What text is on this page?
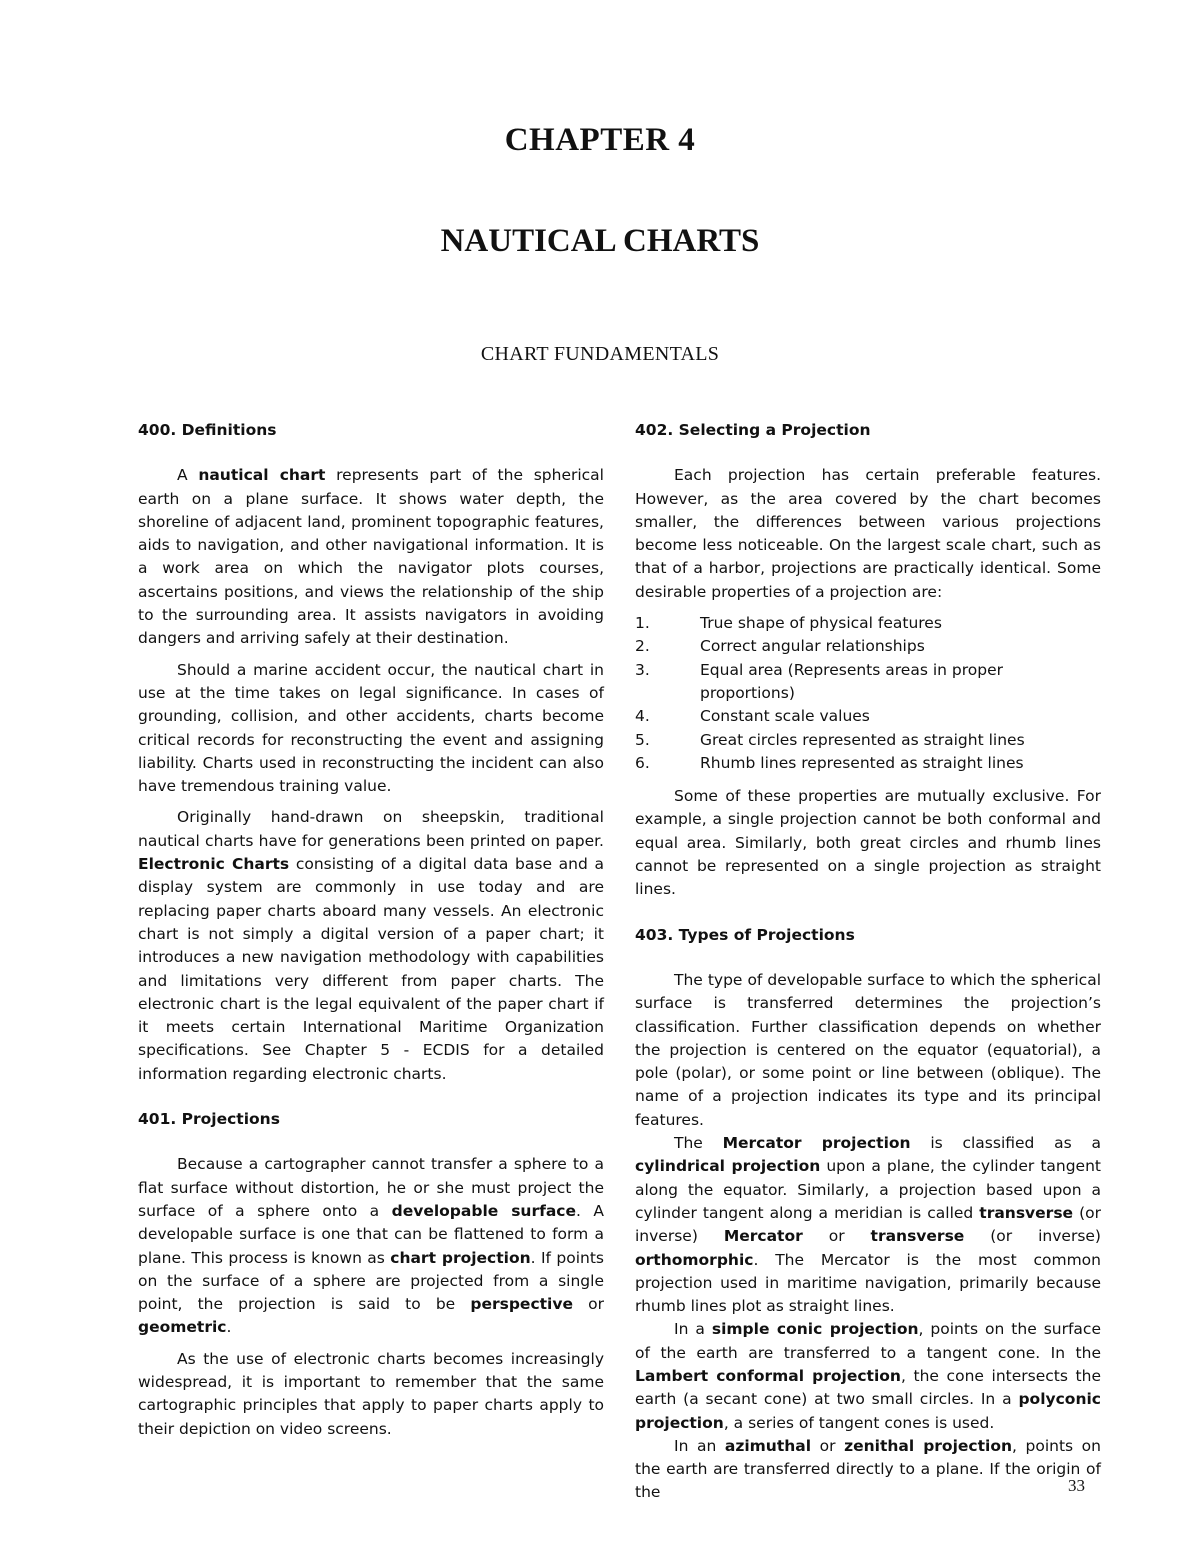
CHAPTER 4
NAUTICAL CHARTS
CHART FUNDAMENTALS
400. Definitions

A nautical chart represents part of the spherical earth on a plane surface. It shows water depth, the shoreline of adjacent land, prominent topographic features, aids to navigation, and other navigational information. It is a work area on which the navigator plots courses, ascertains positions, and views the relationship of the ship to the surrounding area. It assists navigators in avoiding dangers and arriving safely at their destination.

Should a marine accident occur, the nautical chart in use at the time takes on legal significance. In cases of grounding, collision, and other accidents, charts become critical records for reconstructing the event and assigning liability. Charts used in reconstructing the incident can also have tremendous training value.

Originally hand-drawn on sheepskin, traditional nautical charts have for generations been printed on paper. Electronic Charts consisting of a digital data base and a display system are commonly in use today and are replacing paper charts aboard many vessels. An electronic chart is not simply a digital version of a paper chart; it introduces a new navigation methodology with capabilities and limitations very different from paper charts. The electronic chart is the legal equivalent of the paper chart if it meets certain International Maritime Organization specifications. See Chapter 5 - ECDIS for a detailed information regarding electronic charts.

401. Projections

Because a cartographer cannot transfer a sphere to a flat surface without distortion, he or she must project the surface of a sphere onto a developable surface. A developable surface is one that can be flattened to form a plane. This process is known as chart projection. If points on the surface of a sphere are projected from a single point, the projection is said to be perspective or geometric.

As the use of electronic charts becomes increasingly widespread, it is important to remember that the same cartographic principles that apply to paper charts apply to their depiction on video screens.

402. Selecting a Projection

Each projection has certain preferable features. However, as the area covered by the chart becomes smaller, the differences between various projections become less noticeable. On the largest scale chart, such as that of a harbor, projections are practically identical. Some desirable properties of a projection are:

1.	True shape of physical features
2.	Correct angular relationships
3.	Equal area (Represents areas in proper proportions)
4.	Constant scale values
5.	Great circles represented as straight lines
6.	Rhumb lines represented as straight lines

Some of these properties are mutually exclusive. For example, a single projection cannot be both conformal and equal area. Similarly, both great circles and rhumb lines cannot be represented on a single projection as straight lines.

403. Types of Projections

The type of developable surface to which the spherical surface is transferred determines the projection’s classification. Further classification depends on whether the projection is centered on the equator (equatorial), a pole (polar), or some point or line between (oblique). The name of a projection indicates its type and its principal features.

The Mercator projection is classified as a cylindrical projection upon a plane, the cylinder tangent along the equator. Similarly, a projection based upon a cylinder tangent along a meridian is called transverse (or inverse) Mercator or transverse (or inverse) orthomorphic. The Mercator is the most common projection used in maritime navigation, primarily because rhumb lines plot as straight lines.

In a simple conic projection, points on the surface of the earth are transferred to a tangent cone. In the Lambert conformal projection, the cone intersects the earth (a secant cone) at two small circles. In a polyconic projection, a series of tangent cones is used.

In an azimuthal or zenithal projection, points on the earth are transferred directly to a plane. If the origin of the	33
